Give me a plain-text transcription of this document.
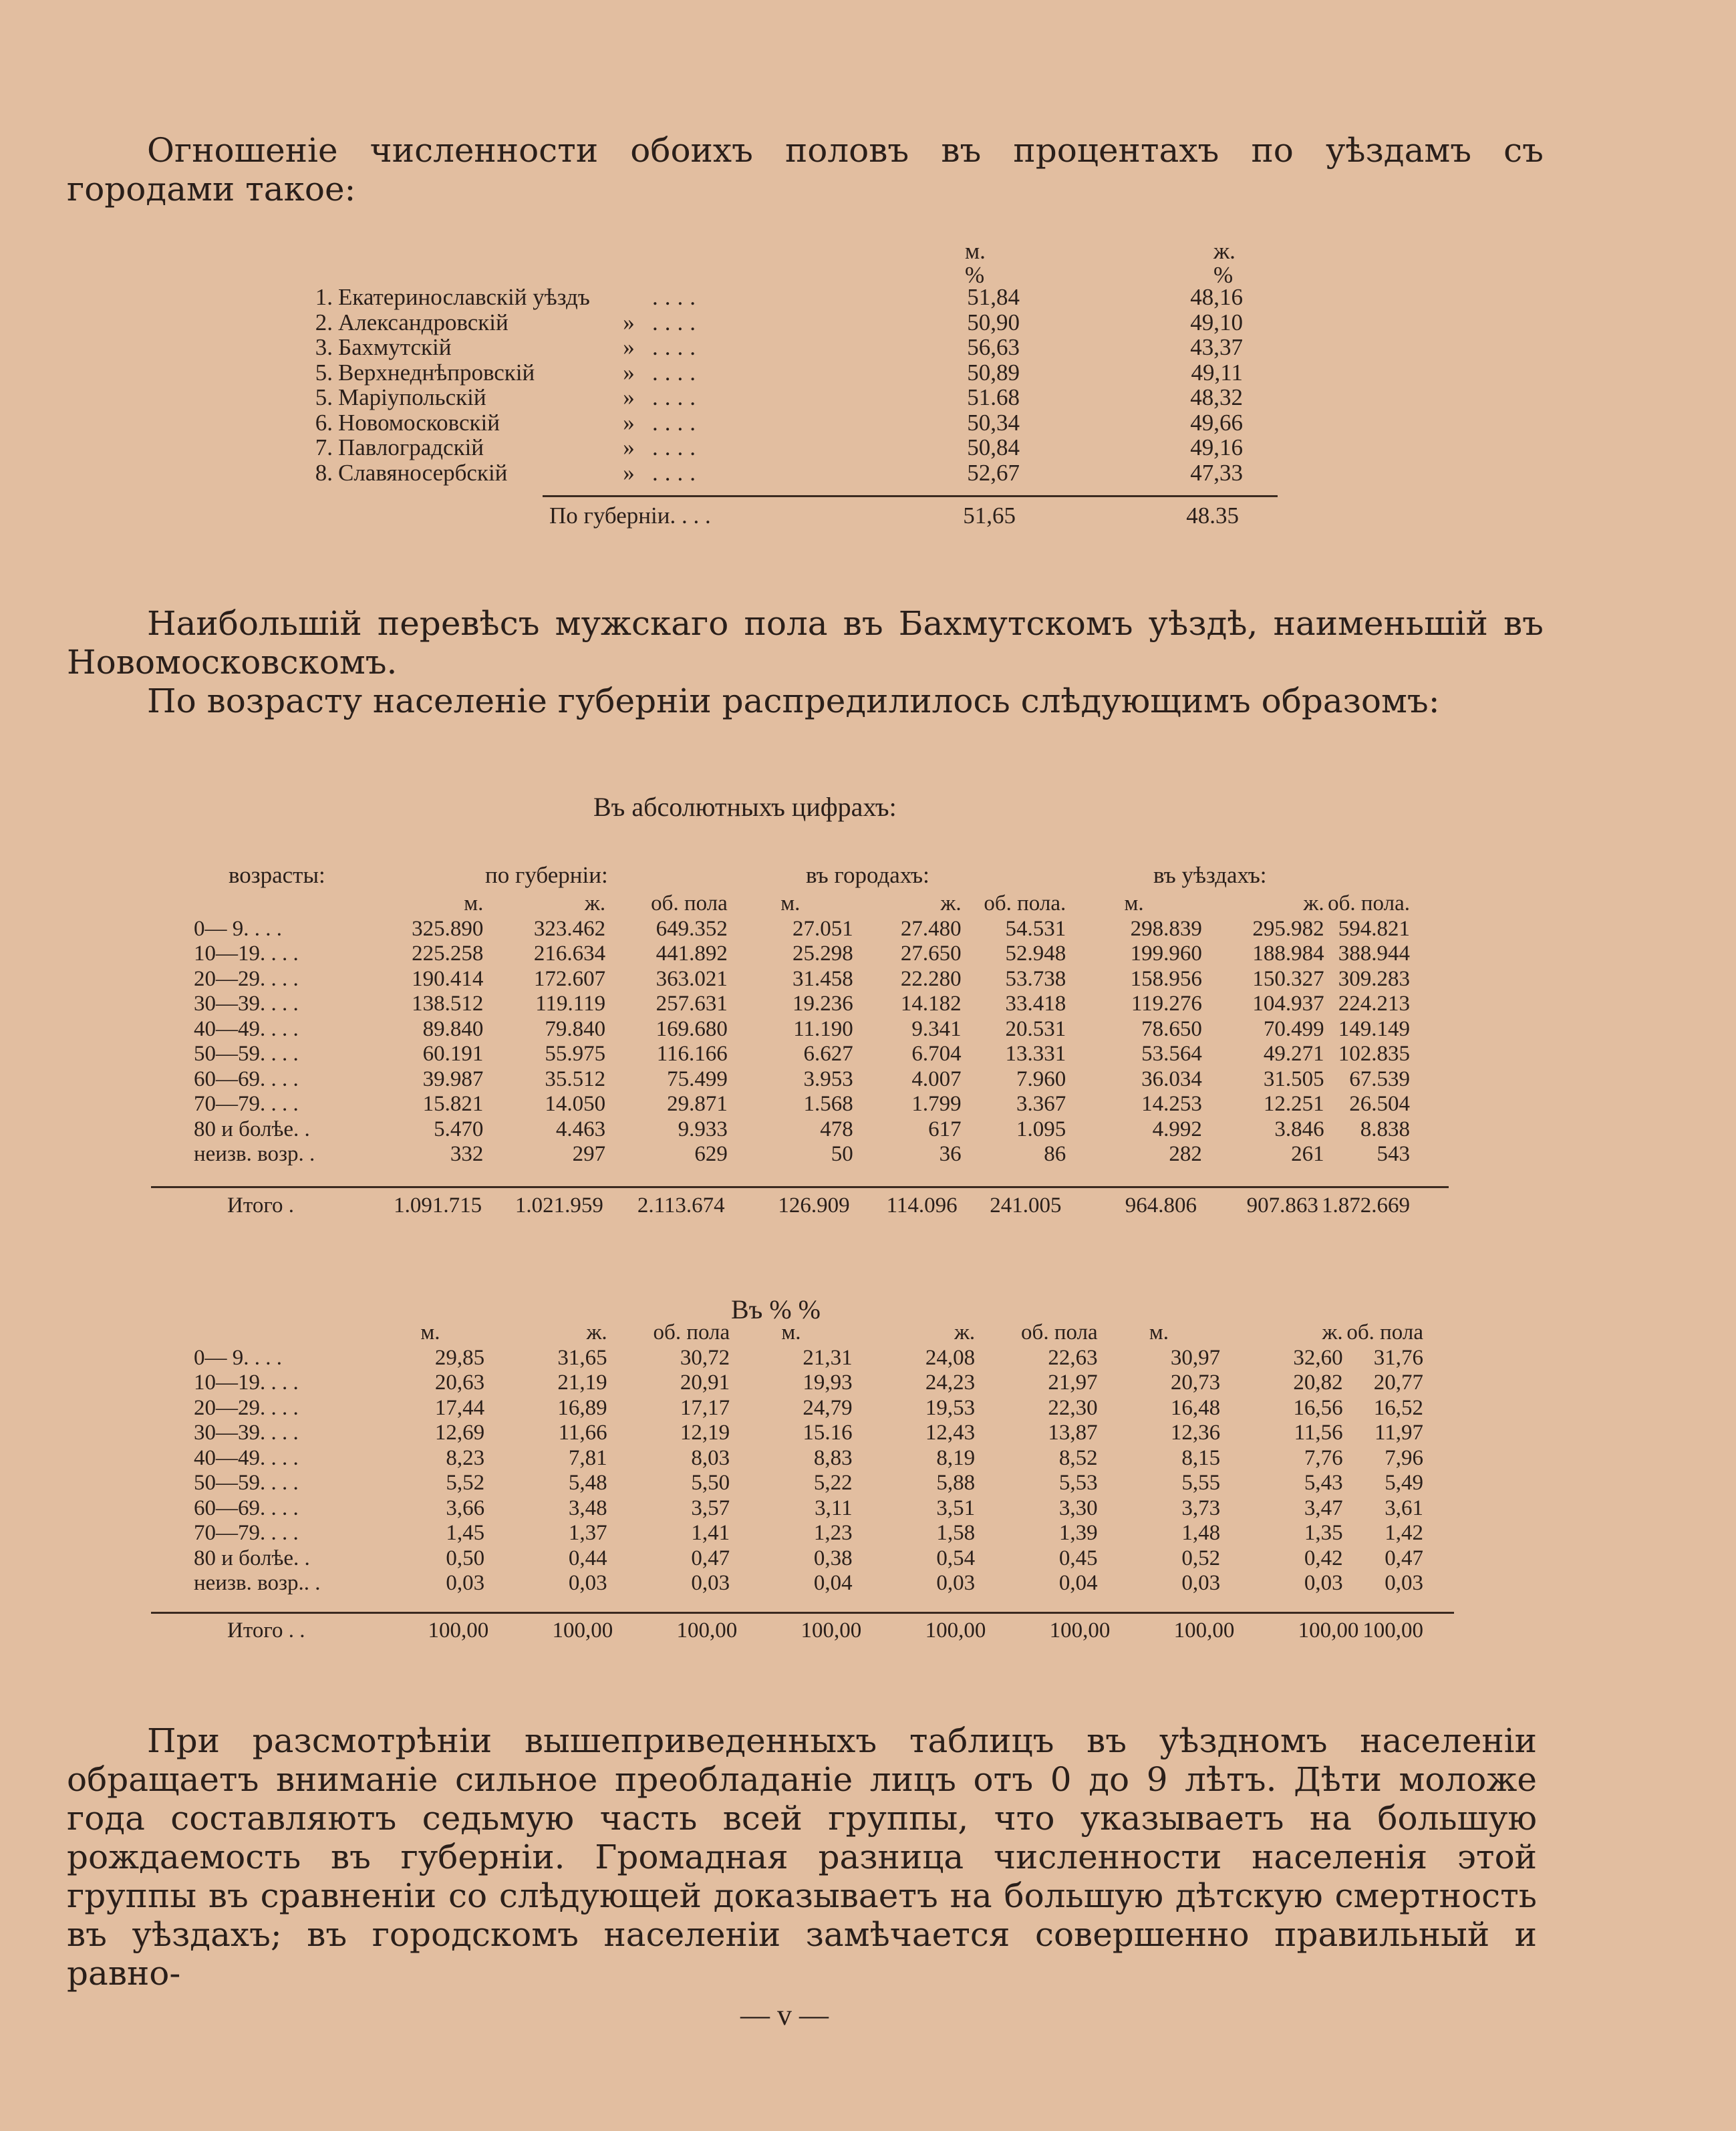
Огношеніе численности обоихъ половъ въ процентахъ по уѣздамъ съ городами такое:
м.	ж.
%	%
1.	Екатеринославскій уѣздъ		....	51,84	48,16
2.	Александровскій	»	....	50,90	49,10
3.	Бахмутскій	»	....	56,63	43,37
5.	Верхнеднѣпровскій	»	....	50,89	49,11
5.	Маріупольскій	»	....	51.68	48,32
6.	Новомосковскій	»	....	50,34	49,66
7.	Павлоградскій	»	....	50,84	49,16
8.	Славяносербскій	»	....	52,67	47,33
По губерніи. . . .	51,65	48.35
Наибольшій перевѣсъ мужскаго пола въ Бахмутскомъ уѣздѣ, наименьшій въ Новомосковскомъ.
По возрасту населеніе губерніи распредилилось слѣдующимъ образомъ:
Въ абсолютныхъ цифрахъ:
возрасты:	по губерніи:	въ городахъ:	въ уѣздахъ:
	м.	ж.	об. пола	м.	ж.	об. пола.	м.	ж.	об. пола.
0— 9. . . .	325.890	323.462	649.352	27.051	27.480	54.531	298.839	295.982	594.821
10—19. . . .	225.258	216.634	441.892	25.298	27.650	52.948	199.960	188.984	388.944
20—29. . . .	190.414	172.607	363.021	31.458	22.280	53.738	158.956	150.327	309.283
30—39. . . .	138.512	119.119	257.631	19.236	14.182	33.418	119.276	104.937	224.213
40—49. . . .	89.840	79.840	169.680	11.190	9.341	20.531	78.650	70.499	149.149
50—59. . . .	60.191	55.975	116.166	6.627	6.704	13.331	53.564	49.271	102.835
60—69. . . .	39.987	35.512	75.499	3.953	4.007	7.960	36.034	31.505	67.539
70—79. . . .	15.821	14.050	29.871	1.568	1.799	3.367	14.253	12.251	26.504
80 и болѣе. .	5.470	4.463	9.933	478	617	1.095	4.992	3.846	8.838
неизв. возр. .	332	297	629	50	36	86	282	261	543
Итого .	1.091.715	1.021.959	2.113.674	126.909	114.096	241.005	964.806	907.863	1.872.669
Въ % %
	м.	ж.	об. пола	м.	ж.	об. пола	м.	ж.	об. пола
0— 9. . . .	29,85	31,65	30,72	21,31	24,08	22,63	30,97	32,60	31,76
10—19. . . .	20,63	21,19	20,91	19,93	24,23	21,97	20,73	20,82	20,77
20—29. . . .	17,44	16,89	17,17	24,79	19,53	22,30	16,48	16,56	16,52
30—39. . . .	12,69	11,66	12,19	15.16	12,43	13,87	12,36	11,56	11,97
40—49. . . .	8,23	7,81	8,03	8,83	8,19	8,52	8,15	7,76	7,96
50—59. . . .	5,52	5,48	5,50	5,22	5,88	5,53	5,55	5,43	5,49
60—69. . . .	3,66	3,48	3,57	3,11	3,51	3,30	3,73	3,47	3,61
70—79. . . .	1,45	1,37	1,41	1,23	1,58	1,39	1,48	1,35	1,42
80 и болѣе. .	0,50	0,44	0,47	0,38	0,54	0,45	0,52	0,42	0,47
неизв. возр.. .	0,03	0,03	0,03	0,04	0,03	0,04	0,03	0,03	0,03
Итого . .	100,00	100,00	100,00	100,00	100,00	100,00	100,00	100,00	100,00
При разсмотрѣніи вышеприведенныхъ таблицъ въ уѣздномъ населеніи обращаетъ вниманіе сильное преобладаніе лицъ отъ 0 до 9 лѣтъ. Дѣти моложе года составляютъ седьмую часть всей группы, что указываетъ на большую рождаемость въ губерніи. Громадная разница численности населенія этой группы въ сравненіи со слѣдующей доказываетъ на большую дѣтскую смертность въ уѣздахъ; въ городскомъ населеніи замѣчается совершенно правильный и равно-
— v —
